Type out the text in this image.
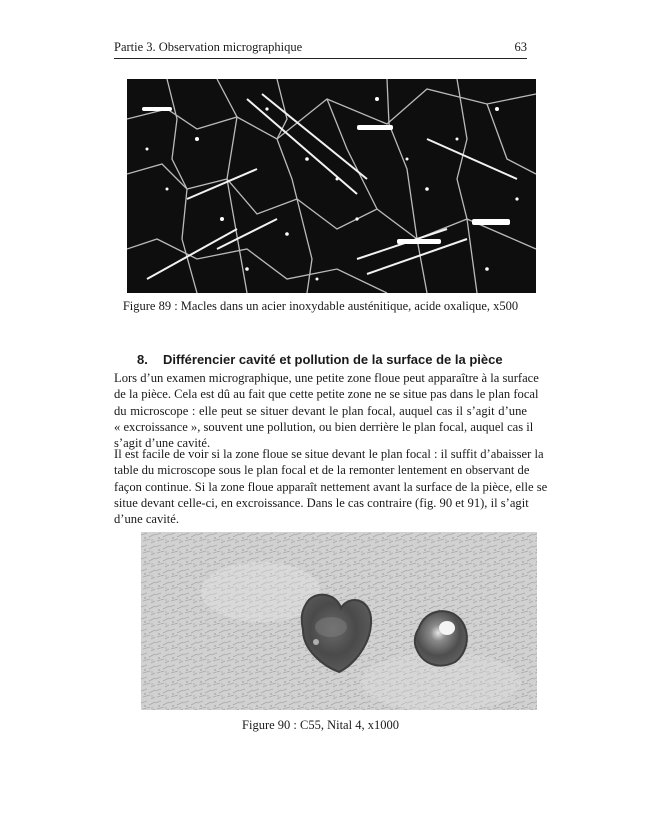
Partie 3. Observation micrographique	63
Figure 89 : Macles dans un acier inoxydable austénitique, acide oxalique, x500
8. Différencier cavité et pollution de la surface de la pièce
Lors d’un examen micrographique, une petite zone floue peut apparaître à la surface
de la pièce. Cela est dû au fait que cette petite zone ne se situe pas dans le plan focal
du microscope : elle peut se situer devant le plan focal, auquel cas il s’agit d’une
« excroissance », souvent une pollution, ou bien derrière le plan focal, auquel cas il
s’agit d’une cavité.
Il est facile de voir si la zone floue se situe devant le plan focal : il suffit d’abaisser la
table du microscope sous le plan focal et de la remonter lentement en observant de
façon continue. Si la zone floue apparaît nettement avant la surface de la pièce, elle se
situe devant celle-ci, en excroissance. Dans le cas contraire (fig. 90 et 91), il s’agit
d’une cavité.
Figure 90 : C55, Nital 4, x1000
